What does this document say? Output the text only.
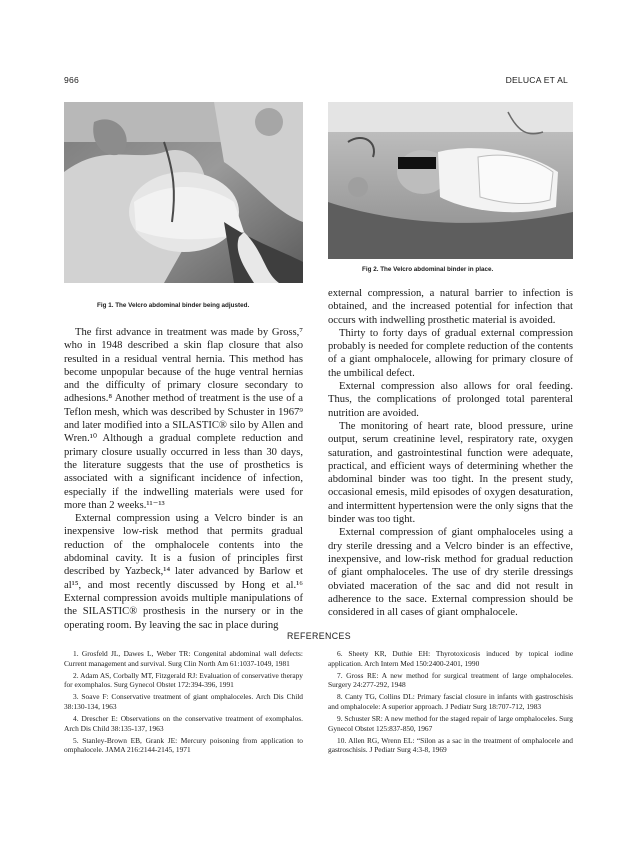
966	DELUCA ET AL
Fig 1. The Velcro abdominal binder being adjusted.
Fig 2. The Velcro abdominal binder in place.

The first advance in treatment was made by Gross,⁷ who in 1948 described a skin flap closure that also resulted in a residual ventral hernia. This method has become unpopular because of the huge ventral hernias and the difficulty of primary closure secondary to adhesions.⁸ Another method of treatment is the use of a Teflon mesh, which was described by Schuster in 1967⁹ and later modified into a SILASTIC® silo by Allen and Wren.¹⁰ Although a gradual complete reduction and primary closure usually occurred in less than 30 days, the literature suggests that the use of prosthetics is associated with a significant incidence of infection, especially if the indwelling materials were used for more than 2 weeks.¹¹⁻¹³

External compression using a Velcro binder is an inexpensive low-risk method that permits gradual reduction of the omphalocele contents into the abdominal cavity. It is a fusion of principles first described by Yazbeck,¹⁴ later advanced by Barlow et al¹⁵, and most recently discussed by Hong et al.¹⁶ External compression avoids multiple manipulations of the SILASTIC® prosthesis in the nursery or in the operating room. By leaving the sac in place during

external compression, a natural barrier to infection is obtained, and the increased potential for infection that occurs with indwelling prosthetic material is avoided.

Thirty to forty days of gradual external compression probably is needed for complete reduction of the contents of a giant omphalocele, allowing for primary closure of the umbilical defect.

External compression also allows for oral feeding. Thus, the complications of prolonged total parenteral nutrition are avoided.

The monitoring of heart rate, blood pressure, urine output, serum creatinine level, respiratory rate, oxygen saturation, and gastrointestinal function were adequate, practical, and efficient ways of determining whether the abdominal binder was too tight. In the present study, occasional emesis, mild episodes of oxygen desaturation, and intermittent hypertension were the only signs that the binder was too tight.

External compression of giant omphaloceles using a dry sterile dressing and a Velcro binder is an effective, inexpensive, and low-risk method for gradual reduction of giant omphaloceles. The use of dry sterile dressings obviated maceration of the sac and did not result in adherence to the sace. External compression should be considered in all cases of giant omphalocele.

REFERENCES
1. Grosfeld JL, Dawes L, Weber TR: Congenital abdominal wall defects: Current management and survival. Surg Clin North Am 61:1037-1049, 1981
2. Adam AS, Corbally MT, Fitzgerald RJ: Evaluation of conservative therapy for exomphalos. Surg Gynecol Obstet 172:394-396, 1991
3. Soave F: Conservative treatment of giant omphaloceles. Arch Dis Child 38:130-134, 1963
4. Drescher E: Observations on the conservative treatment of exomphalos. Arch Dis Child 38:135-137, 1963
5. Stanley-Brown EB, Grank JE: Mercury poisoning from application to omphalocele. JAMA 216:2144-2145, 1971
6. Sheety KR, Duthie EH: Thyrotoxicosis induced by topical iodine application. Arch Intern Med 150:2400-2401, 1990
7. Gross RE: A new method for surgical treatment of large omphaloceles. Surgery 24:277-292, 1948
8. Canty TG, Collins DL: Primary fascial closure in infants with gastroschisis and omphalocele: A superior approach. J Pediatr Surg 18:707-712, 1983
9. Schuster SR: A new method for the staged repair of large omphaloceles. Surg Gynecol Obstet 125:837-850, 1967
10. Allen RG, Wrenn EL: “Silon as a sac in the treatment of omphalocele and gastroschisis. J Pediatr Surg 4:3-8, 1969
